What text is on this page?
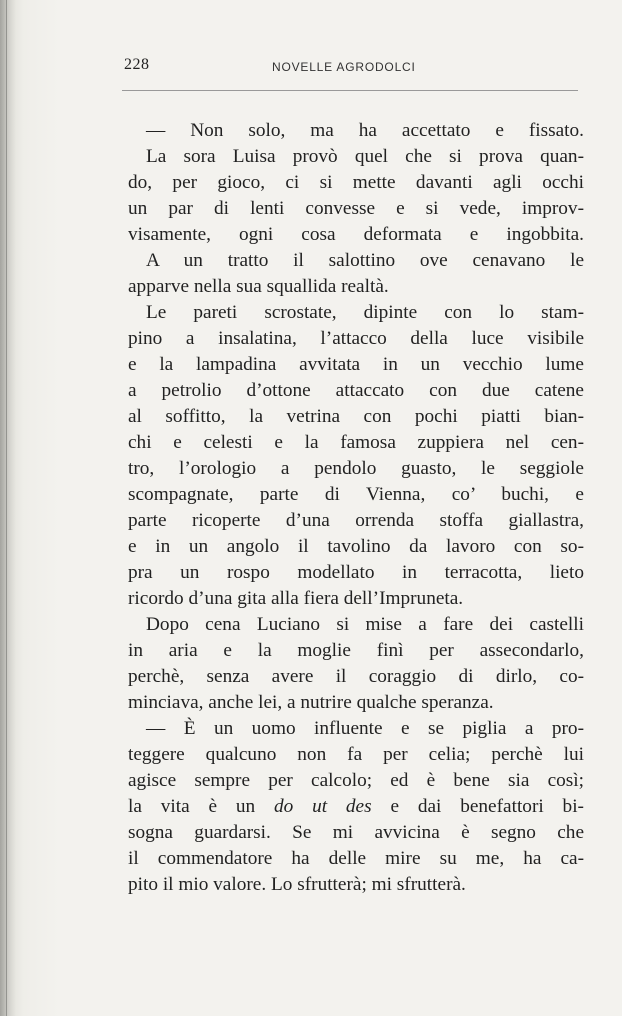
228	NOVELLE AGRODOLCI
— Non solo, ma ha accettato e fissato.
La sora Luisa provò quel che si prova quan-
do, per gioco, ci si mette davanti agli occhi
un par di lenti convesse e si vede, improv-
visamente, ogni cosa deformata e ingobbita.
A un tratto il salottino ove cenavano le
apparve nella sua squallida realtà.
Le pareti scrostate, dipinte con lo stam-
pino a insalatina, l’attacco della luce visibile
e la lampadina avvitata in un vecchio lume
a petrolio d’ottone attaccato con due catene
al soffitto, la vetrina con pochi piatti bian-
chi e celesti e la famosa zuppiera nel cen-
tro, l’orologio a pendolo guasto, le seggiole
scompagnate, parte di Vienna, co’ buchi, e
parte ricoperte d’una orrenda stoffa giallastra,
e in un angolo il tavolino da lavoro con so-
pra un rospo modellato in terracotta, lieto
ricordo d’una gita alla fiera dell’Impruneta.
Dopo cena Luciano si mise a fare dei castelli
in aria e la moglie finì per assecondarlo,
perchè, senza avere il coraggio di dirlo, co-
minciava, anche lei, a nutrire qualche speranza.
— È un uomo influente e se piglia a pro-
teggere qualcuno non fa per celia; perchè lui
agisce sempre per calcolo; ed è bene sia così;
la vita è un do ut des e dai benefattori bi-
sogna guardarsi. Se mi avvicina è segno che
il commendatore ha delle mire su me, ha ca-
pito il mio valore. Lo sfrutterà; mi sfrutterà.
